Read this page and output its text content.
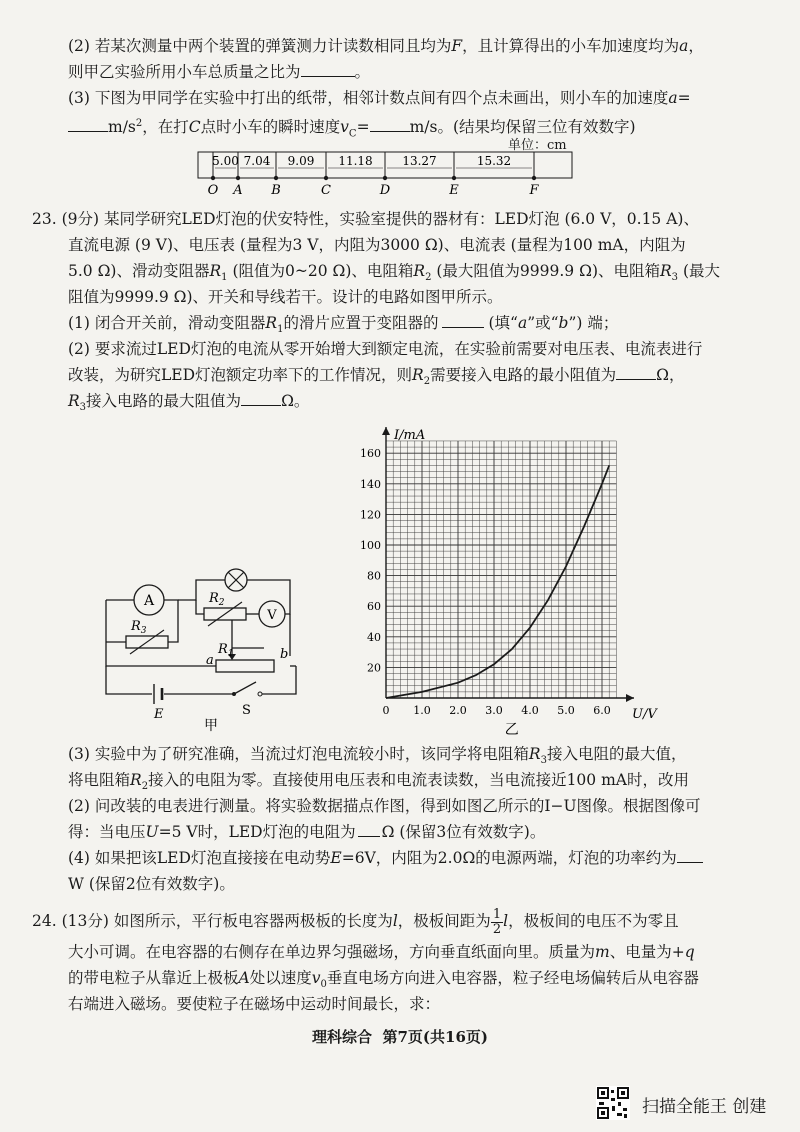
(2) 若某次测量中两个装置的弹簧测力计读数相同且均为F，且计算得出的小车加速度均为a，
则甲乙实验所用小车总质量之比为	。
(3) 下图为甲同学在实验中打出的纸带，相邻计数点间有四个点未画出，则小车的加速度a=
$m/s^2$，在打C点时小车的瞬时速度$v_C=$	m/s。(结果均保留三位有效数字)
单位：cm
O A B	C	D	E	F
5.00 7.04 9.09 11.18 13.27	15.32
23. (9分) 某同学研究LED灯泡的伏安特性，实验室提供的器材有：LED灯泡 (6.0 V，0.15 A)、
直流电源 (9 V)、电压表 (量程为3 V，内阻为3000 Ω)、电流表 (量程为100 mA，内阻为
5.0 Ω)、滑动变阻器$R_1$ (阻值为0~20 Ω)、电阻箱$R_2$ (最大阻值为9999.9 Ω)、电阻箱$R_3$ (最大
阻值为9999.9 Ω)、开关和导线若干。设计的电路如图甲所示。
(1) 闭合开关前，滑动变阻器$R_1$的滑片应置于变阻器的	(填“a”或“b”) 端；
(2) 要求流过LED灯泡的电流从零开始增大到额定电流，在实验前需要对电压表、电流表进行
改装，为研究LED灯泡额定功率下的工作情况，则$R_2$需要接入电路的最小阻值为	Ω，
$R_3$接入电路的最大阻值为	Ω。
A
$R_3$
$R_2$
V
$R_1$
a	b
E	S
甲
0 1.0 2.0 3.0 4.0 5.0 6.0
20
40
60
80
100
120
140
160
I/mA
U/V
乙
(3) 实验中为了研究准确，当流过灯泡电流较小时，该同学将电阻箱$R_3$接入电阻的最大值，
将电阻箱$R_2$接入的电阻为零。直接使用电压表和电流表读数，当电流接近100 mA时，改用
(2) 问改装的电表进行测量。将实验数据描点作图，得到如图乙所示的I−U图像。根据图像可
得：当电压U=5 V时，LED灯泡的电阻为 Ω (保留3位有效数字)。
(4) 如果把该LED灯泡直接接在电动势E=6V，内阻为2.0Ω的电源两端，灯泡的功率约为
W (保留2位有效数字)。
24. (13分) 如图所示，平行板电容器两极板的长度为l，极板间距为 $\frac{1}{2}$ l，极板间的电压不为零且
大小可调。在电容器的右侧存在单边界匀强磁场，方向垂直纸面向里。质量为m、电量为+q
的带电粒子从靠近上极板A处以速度$v_0$垂直电场方向进入电容器，粒子经电场偏转后从电容器
右端进入磁场。要使粒子在磁场中运动时间最长，求：
理科综合 第7页(共16页)
扫描全能王 创建
